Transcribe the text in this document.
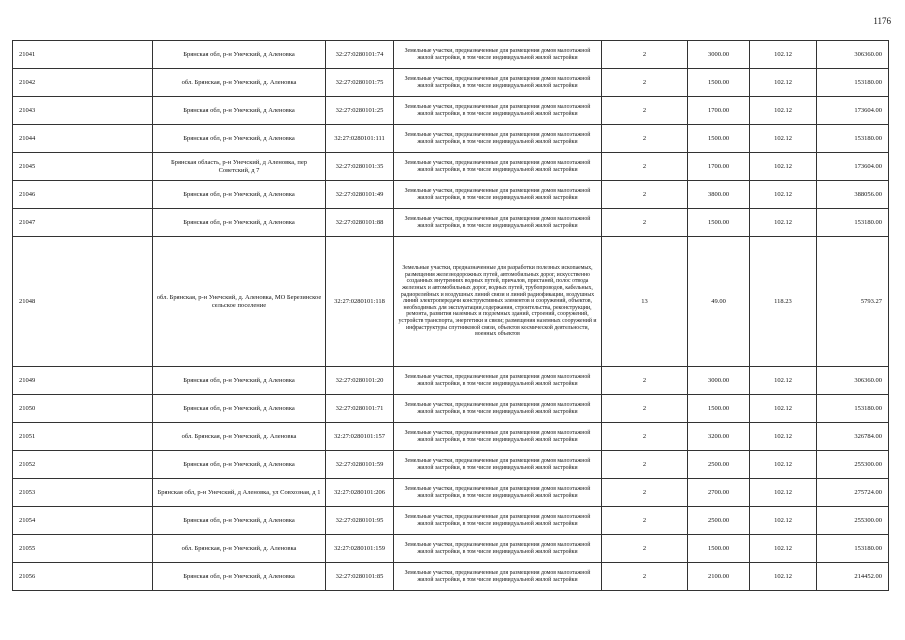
1176
21041	Брянская обл, р-н Унечский, д Аленовка	32:27:0280101:74	Земельные участки, предназначенные для размещения домов малоэтажной жилой застройки, в том числе индивидуальной жилой застройки	2	3000.00	102.12	306360.00
21042	обл. Брянская, р-н Унечский, д. Аленовка	32:27:0280101:75	Земельные участки, предназначенные для размещения домов малоэтажной жилой застройки, в том числе индивидуальной жилой застройки	2	1500.00	102.12	153180.00
21043	Брянская обл, р-н Унечский, д Аленовка	32:27:0280101:25	Земельные участки, предназначенные для размещения домов малоэтажной жилой застройки, в том числе индивидуальной жилой застройки	2	1700.00	102.12	173604.00
21044	Брянская обл, р-н Унечский, д Аленовка	32:27:0280101:111	Земельные участки, предназначенные для размещения домов малоэтажной жилой застройки, в том числе индивидуальной жилой застройки	2	1500.00	102.12	153180.00
21045	Брянская область, р-н Унечский, д Аленовка, пер Советский, д 7	32:27:0280101:35	Земельные участки, предназначенные для размещения домов малоэтажной жилой застройки, в том числе индивидуальной жилой застройки	2	1700.00	102.12	173604.00
21046	Брянская обл, р-н Унечский, д Аленовка	32:27:0280101:49	Земельные участки, предназначенные для размещения домов малоэтажной жилой застройки, в том числе индивидуальной жилой застройки	2	3800.00	102.12	388056.00
21047	Брянская обл, р-н Унечский, д Аленовка	32:27:0280101:88	Земельные участки, предназначенные для размещения домов малоэтажной жилой застройки, в том числе индивидуальной жилой застройки	2	1500.00	102.12	153180.00
21048	обл. Брянская, р-н Унечский, д. Аленовка, МО Березинское сельское поселение	32:27:0280101:118	Земельные участки, предназначенные для разработки полезных ископаемых, размещения железнодорожных путей, автомобильных дорог, искусственно созданных внутренних водных путей, причалов, пристаней, полос отвода железных и автомобильных дорог, водных путей, трубопроводов, кабельных, радиорелейных и воздушных линий связи и линий радиофикации, воздушных линий электропередачи конструктивных элементов и сооружений, объектов, необходимых для эксплуатации,содержания, строительства, реконструкции, ремонта, развития наземных и подземных зданий, строений, сооружений, устройств транспорта, энергетики и связи; размещения наземных сооружений и инфраструктуры спутниковой связи, объектов космической деятельности, военных объектов	13	49.00	118.23	5793.27
21049	Брянская обл, р-н Унечский, д Аленовка	32:27:0280101:20	Земельные участки, предназначенные для размещения домов малоэтажной жилой застройки, в том числе индивидуальной жилой застройки	2	3000.00	102.12	306360.00
21050	Брянская обл, р-н Унечский, д Аленовка	32:27:0280101:71	Земельные участки, предназначенные для размещения домов малоэтажной жилой застройки, в том числе индивидуальной жилой застройки	2	1500.00	102.12	153180.00
21051	обл. Брянская, р-н Унечский, д. Аленовка	32:27:0280101:157	Земельные участки, предназначенные для размещения домов малоэтажной жилой застройки, в том числе индивидуальной жилой застройки	2	3200.00	102.12	326784.00
21052	Брянская обл, р-н Унечский, д Аленовка	32:27:0280101:59	Земельные участки, предназначенные для размещения домов малоэтажной жилой застройки, в том числе индивидуальной жилой застройки	2	2500.00	102.12	255300.00
21053	Брянская обл, р-н Унечский, д Аленовка, ул Совхозная, д 1	32:27:0280101:206	Земельные участки, предназначенные для размещения домов малоэтажной жилой застройки, в том числе индивидуальной жилой застройки	2	2700.00	102.12	275724.00
21054	Брянская обл, р-н Унечский, д Аленовка	32:27:0280101:95	Земельные участки, предназначенные для размещения домов малоэтажной жилой застройки, в том числе индивидуальной жилой застройки	2	2500.00	102.12	255300.00
21055	обл. Брянская, р-н Унечский, д. Аленовка	32:27:0280101:159	Земельные участки, предназначенные для размещения домов малоэтажной жилой застройки, в том числе индивидуальной жилой застройки	2	1500.00	102.12	153180.00
21056	Брянская обл, р-н Унечский, д Аленовка	32:27:0280101:85	Земельные участки, предназначенные для размещения домов малоэтажной жилой застройки, в том числе индивидуальной жилой застройки	2	2100.00	102.12	214452.00
